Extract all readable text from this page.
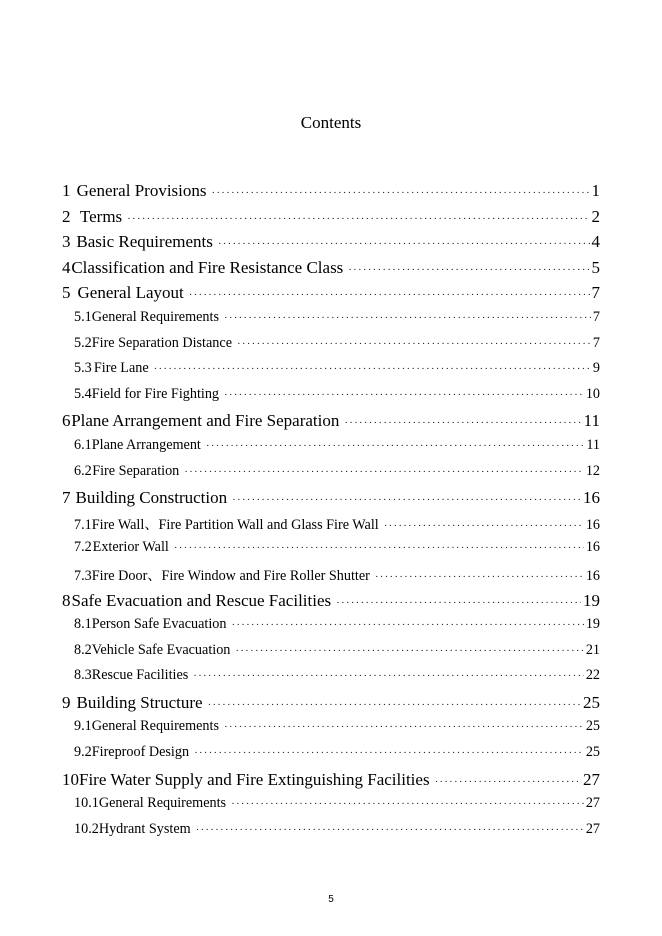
Contents
1 General Provisions ·····	1
2 Terms ·····	2
3 Basic Requirements ·····	4
4 Classification and Fire Resistance Class ·····	5
5 General Layout ·····	7
5.1 General Requirements ·····	7
5.2 Fire Separation Distance ·····	7
5.3 Fire Lane ·····	9
5.4 Field for Fire Fighting ·····	10
6 Plane Arrangement and Fire Separation ·····	11
6.1 Plane Arrangement ·····	11
6.2 Fire Separation ·····	12
7 Building Construction ·····	16
7.1 Fire Wall、Fire Partition Wall and Glass Fire Wall ·····	16
7.2 Exterior Wall ·····	16
7.3 Fire Door、Fire Window and Fire Roller Shutter ·····	16
8 Safe Evacuation and Rescue Facilities ·····	19
8.1 Person Safe Evacuation ·····	19
8.2 Vehicle Safe Evacuation ·····	21
8.3 Rescue Facilities ·····	22
9 Building Structure ·····	25
9.1 General Requirements ·····	25
9.2 Fireproof Design ·····	25
10 Fire Water Supply and Fire Extinguishing Facilities ·····	27
10.1 General Requirements ·····	27
10.2 Hydrant System ·····	27
5
